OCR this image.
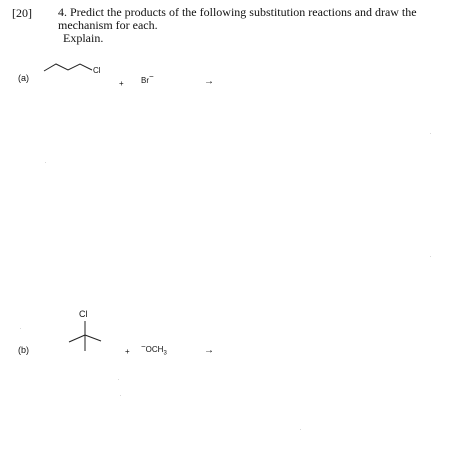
[20] 4. Predict the products of the following substitution reactions and draw the mechanism for each.
Explain.
(a)
Cl
+ Br−	→
(b)
Cl
+
$-OCH_3$	→
